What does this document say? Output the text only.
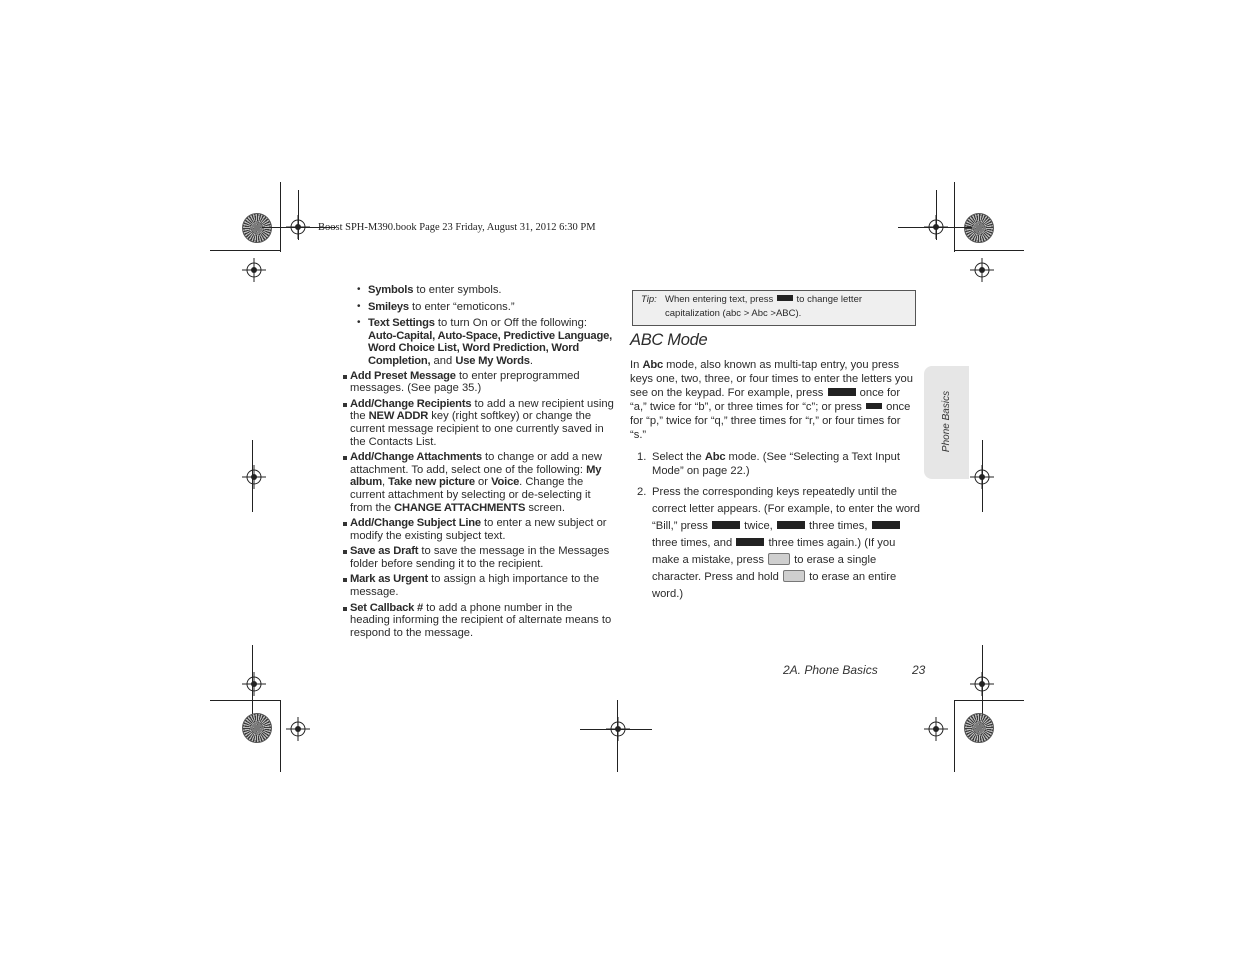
Boost SPH-M390.book Page 23 Friday, August 31, 2012 6:30 PM
• Symbols to enter symbols.
• Smileys to enter “emoticons.”
• Text Settings to turn On or Off the following: Auto-Capital, Auto-Space, Predictive Language, Word Choice List, Word Prediction, Word Completion, and Use My Words.
Add Preset Message to enter preprogrammed messages. (See page 35.)
Add/Change Recipients to add a new recipient using the NEW ADDR key (right softkey) or change the current message recipient to one currently saved in the Contacts List.
Add/Change Attachments to change or add a new attachment. To add, select one of the following: My album, Take new picture or Voice. Change the current attachment by selecting or de-selecting it from the CHANGE ATTACHMENTS screen.
Add/Change Subject Line to enter a new subject or modify the existing subject text.
Save as Draft to save the message in the Messages folder before sending it to the recipient.
Mark as Urgent to assign a high importance to the message.
Set Callback # to add a phone number in the heading informing the recipient of alternate means to respond to the message.
Tip: When entering text, press to change letter capitalization (abc > Abc >ABC).
ABC Mode
In Abc mode, also known as multi-tap entry, you press keys one, two, three, or four times to enter the letters you see on the keypad. For example, press	once for “a,” twice for “b”, or three times for “c”; or press once for “p,” twice for “q,” three times for “r,” or four times for “s.”
1. Select the Abc mode. (See “Selecting a Text Input Mode” on page 22.)
2. Press the corresponding keys repeatedly until the correct letter appears. (For example, to enter the word “Bill,” press	twice,	three times,  three times, and	three times again.) (If you make a mistake, press	to erase a single character. Press and hold	to erase an entire word.)
Phone Basics
2A. Phone Basics	23
